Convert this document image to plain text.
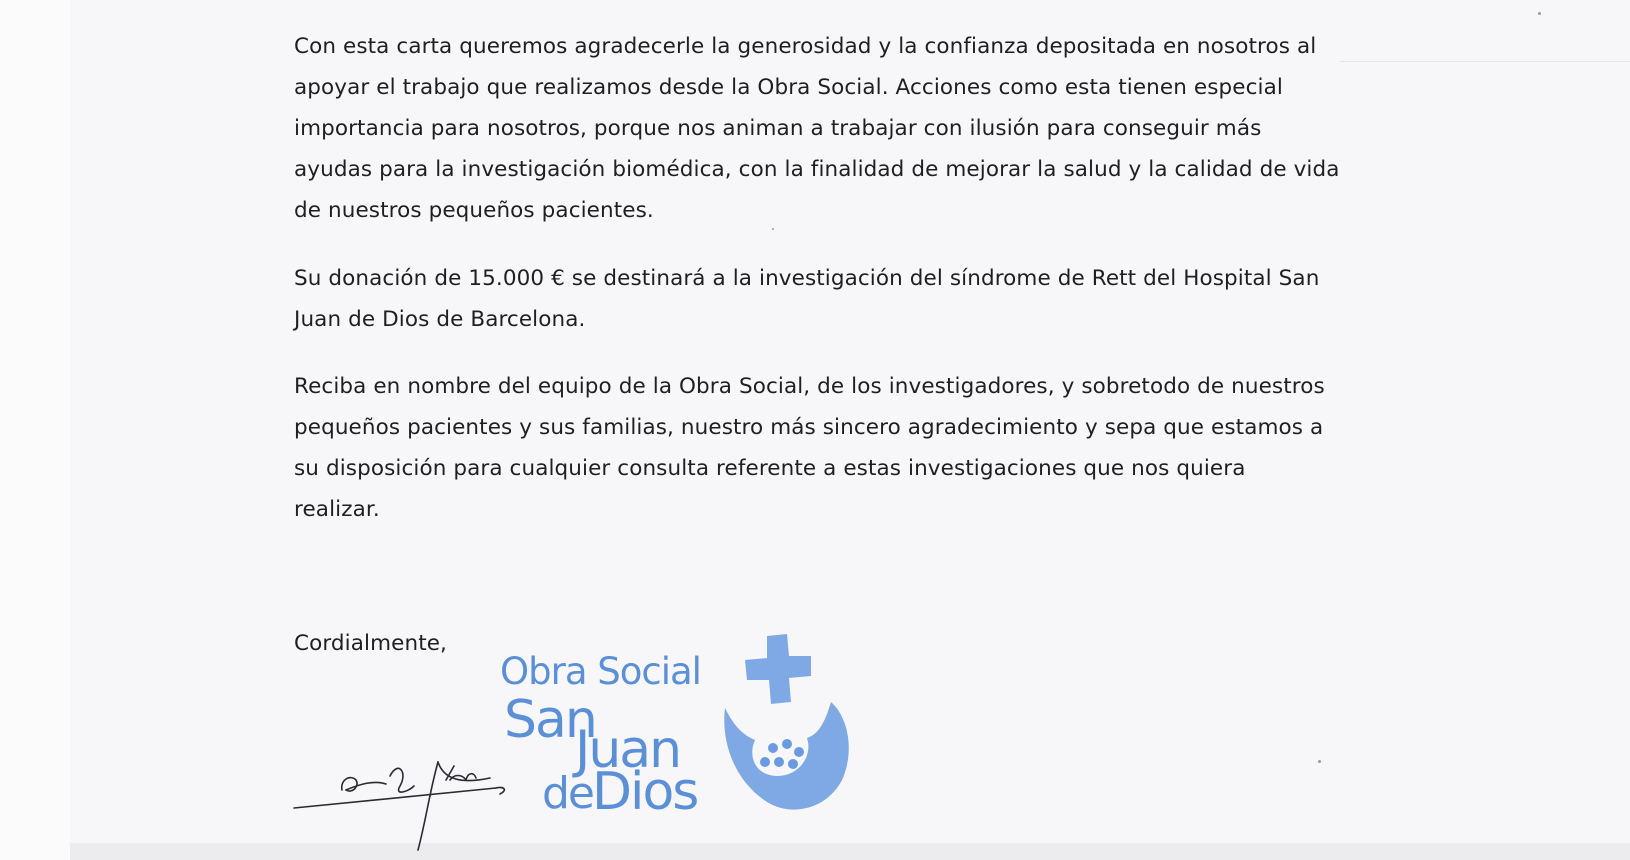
Con esta carta queremos agradecerle la generosidad y la confianza depositada en nosotros al
apoyar el trabajo que realizamos desde la Obra Social. Acciones como esta tienen especial
importancia para nosotros, porque nos animan a trabajar con ilusión para conseguir más
ayudas para la investigación biomédica, con la finalidad de mejorar la salud y la calidad de vida
de nuestros pequeños pacientes.

Su donación de 15.000 € se destinará a la investigación del síndrome de Rett del Hospital San
Juan de Dios de Barcelona.

Reciba en nombre del equipo de la Obra Social, de los investigadores, y sobretodo de nuestros
pequeños pacientes y sus familias, nuestro más sincero agradecimiento y sepa que estamos a
su disposición para cualquier consulta referente a estas investigaciones que nos quiera
realizar.

Cordialmente,

Obra Social
San
Juan
de Dios
